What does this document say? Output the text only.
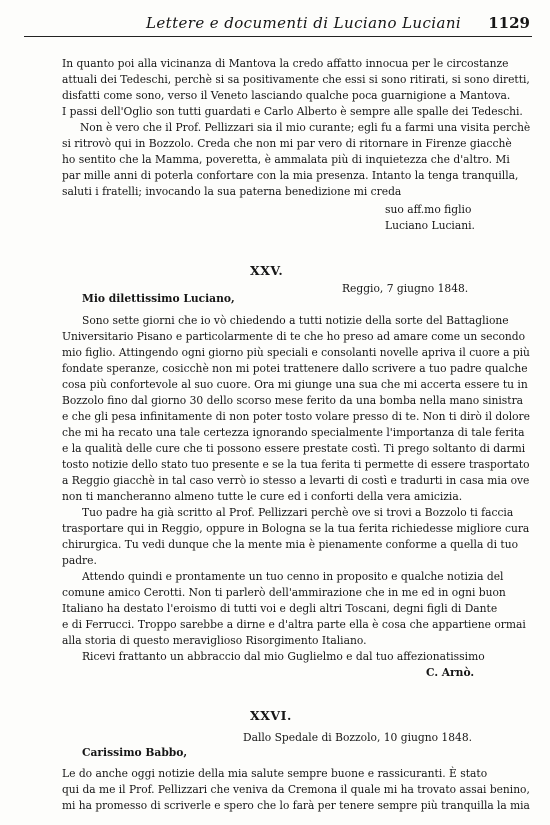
Lettere e documenti di Luciano Luciani 1129
In quanto poi alla vicinanza di Mantova la credo affatto innocua per le circostanze
attuali dei Tedeschi, perchè si sa positivamente che essi si sono ritirati, si sono diretti,
disfatti come sono, verso il Veneto lasciando qualche poca guarnigione a Mantova.
I passi dell'Oglio son tutti guardati e Carlo Alberto è sempre alle spalle dei Tedeschi.
Non è vero che il Prof. Pellizzari sia il mio curante; egli fu a farmi una visita perchè
si ritrovò qui in Bozzolo. Creda che non mi par vero di ritornare in Firenze giacchè
ho sentito che la Mamma, poveretta, è ammalata più di inquietezza che d'altro. Mi
par mille anni di poterla confortare con la mia presenza. Intanto la tenga tranquilla,
saluti i fratelli; invocando la sua paterna benedizione mi creda
suo aff.mo figlio
Luciano Luciani.
XXV.
Reggio, 7 giugno 1848.
Mio dilettissimo Luciano,
Sono sette giorni che io vò chiedendo a tutti notizie della sorte del Battaglione
Universitario Pisano e particolarmente di te che ho preso ad amare come un secondo
mio figlio. Attingendo ogni giorno più speciali e consolanti novelle apriva il cuore a più
fondate speranze, cosicchè non mi potei trattenere dallo scrivere a tuo padre qualche
cosa più confortevole al suo cuore. Ora mi giunge una sua che mi accerta essere tu in
Bozzolo fino dal giorno 30 dello scorso mese ferito da una bomba nella mano sinistra
e che gli pesa infinitamente di non poter tosto volare presso di te. Non ti dirò il dolore
che mi ha recato una tale certezza ignorando specialmente l'importanza di tale ferita
e la qualità delle cure che ti possono essere prestate costì. Ti prego soltanto di darmi
tosto notizie dello stato tuo presente e se la tua ferita ti permette di essere trasportato
a Reggio giacchè in tal caso verrò io stesso a levarti di costì e tradurti in casa mia ove
non ti mancheranno almeno tutte le cure ed i conforti della vera amicizia.
Tuo padre ha già scritto al Prof. Pellizzari perchè ove si trovi a Bozzolo ti faccia
trasportare qui in Reggio, oppure in Bologna se la tua ferita richiedesse migliore cura
chirurgica. Tu vedi dunque che la mente mia è pienamente conforme a quella di tuo
padre.
Attendo quindi e prontamente un tuo cenno in proposito e qualche notizia del
comune amico Cerotti. Non ti parlerò dell'ammirazione che in me ed in ogni buon
Italiano ha destato l'eroismo di tutti voi e degli altri Toscani, degni figli di Dante
e di Ferrucci. Troppo sarebbe a dirne e d'altra parte ella è cosa che appartiene ormai
alla storia di questo meraviglioso Risorgimento Italiano.
Ricevi frattanto un abbraccio dal mio Guglielmo e dal tuo affezionatissimo
C. Arnò.
XXVI.
Dallo Spedale di Bozzolo, 10 giugno 1848.
Carissimo Babbo,
Le do anche oggi notizie della mia salute sempre buone e rassicuranti. È stato
qui da me il Prof. Pellizzari che veniva da Cremona il quale mi ha trovato assai benino,
mi ha promesso di scriverle e spero che lo farà per tenere sempre più tranquilla la mia
